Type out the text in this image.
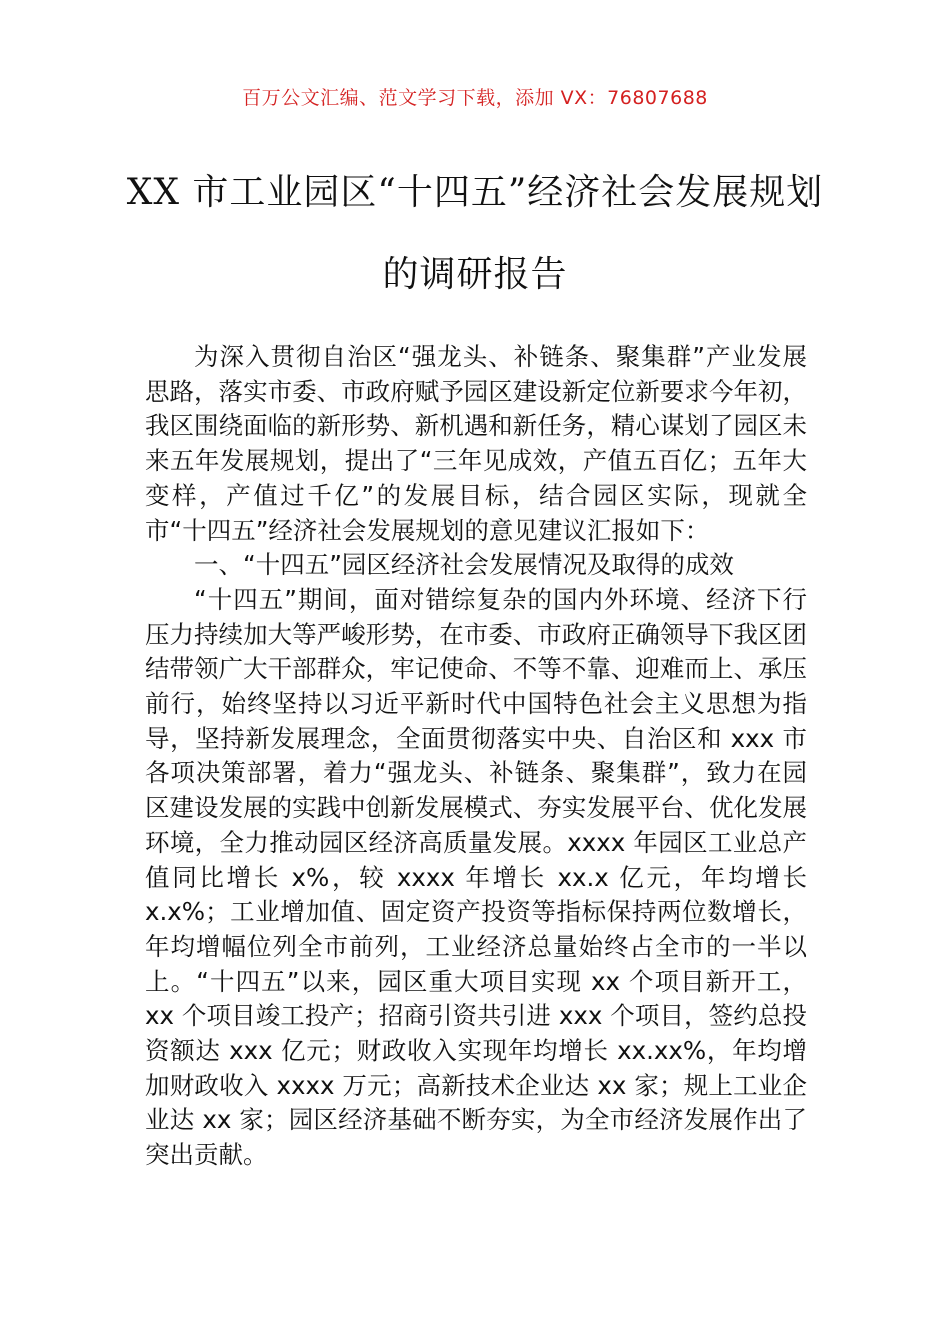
百万公文汇编、范文学习下载，添加 VX：76807688
XX 市工业园区“十四五”经济社会发展规划的调研报告

为深入贯彻自治区“强龙头、补链条、聚集群”产业发展思路，落实市委、市政府赋予园区建设新定位新要求今年初，我区围绕面临的新形势、新机遇和新任务，精心谋划了园区未来五年发展规划，提出了“三年见成效，产值五百亿；五年大变样，产值过千亿”的发展目标，结合园区实际，现就全市“十四五”经济社会发展规划的意见建议汇报如下：

一、“十四五”园区经济社会发展情况及取得的成效

“十四五”期间，面对错综复杂的国内外环境、经济下行压力持续加大等严峻形势，在市委、市政府正确领导下我区团结带领广大干部群众，牢记使命、不等不靠、迎难而上、承压前行，始终坚持以习近平新时代中国特色社会主义思想为指导，坚持新发展理念，全面贯彻落实中央、自治区和 xxx 市各项决策部署，着力“强龙头、补链条、聚集群”，致力在园区建设发展的实践中创新发展模式、夯实发展平台、优化发展环境，全力推动园区经济高质量发展。xxxx 年园区工业总产值同比增长 x%，较 xxxx 年增长 xx.x 亿元，年均增长 x.x%；工业增加值、固定资产投资等指标保持两位数增长，年均增幅位列全市前列，工业经济总量始终占全市的一半以上。“十四五”以来，园区重大项目实现 xx 个项目新开工，xx 个项目竣工投产；招商引资共引进 xxx 个项目，签约总投资额达 xxx 亿元；财政收入实现年均增长 xx.xx%，年均增加财政收入 xxxx 万元；高新技术企业达 xx 家；规上工业企业达 xx 家；园区经济基础不断夯实，为全市经济发展作出了突出贡献。
